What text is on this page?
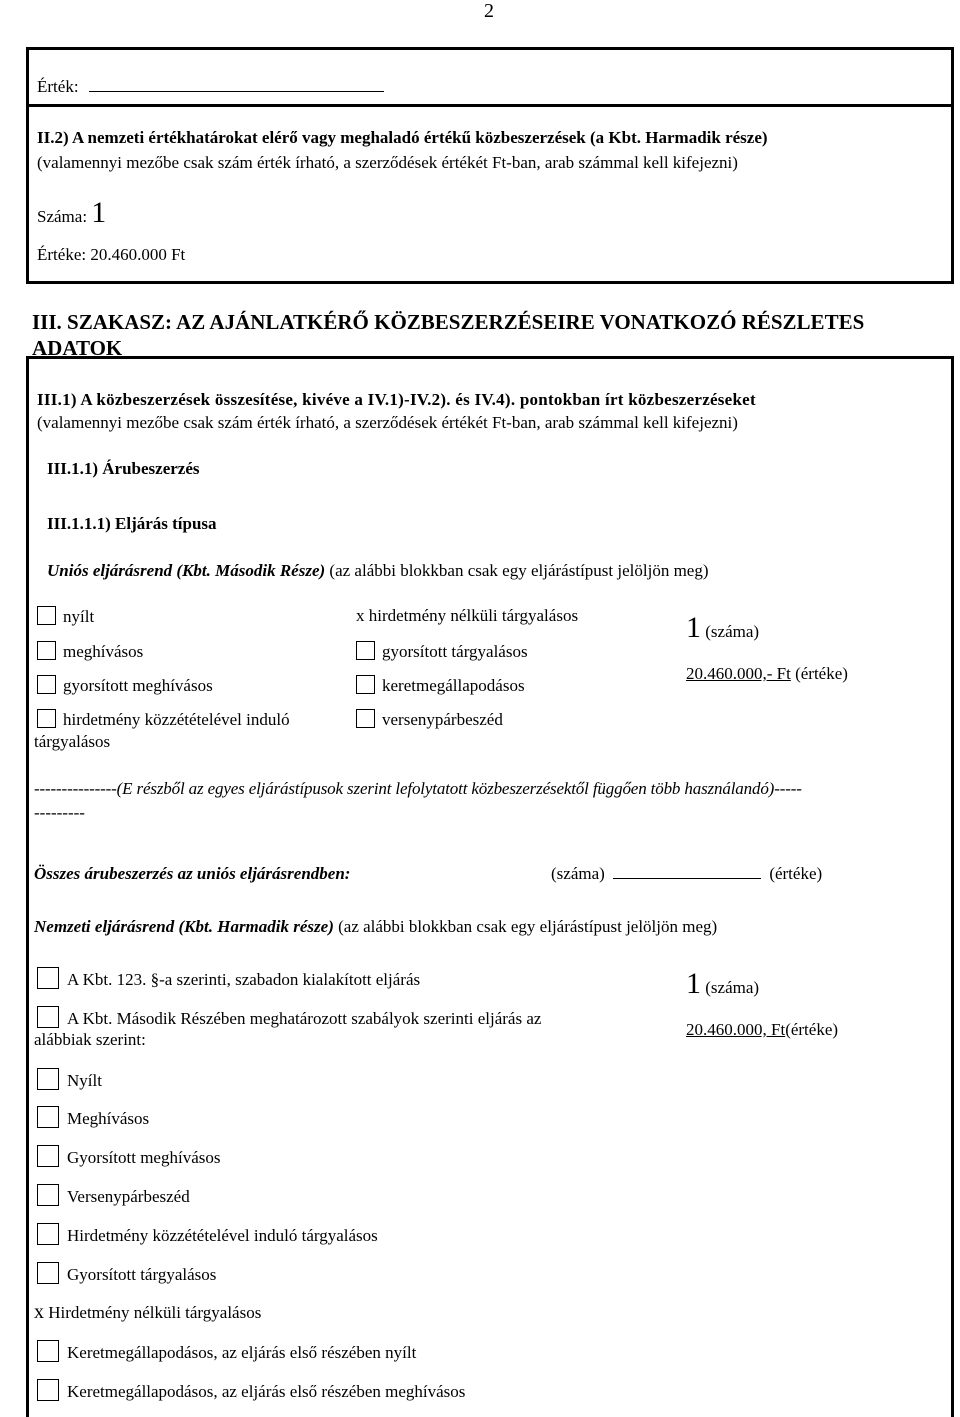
2
Érték:
II.2) A nemzeti értékhatárokat elérő vagy meghaladó értékű közbeszerzések (a Kbt. Harmadik része)
(valamennyi mezőbe csak szám érték írható, a szerződések értékét Ft-ban, arab számmal kell kifejezni)
Száma: 1
Értéke: 20.460.000 Ft
III. SZAKASZ: AZ AJÁNLATKÉRŐ KÖZBESZERZÉSEIRE VONATKOZÓ RÉSZLETES
ADATOK
III.1) A közbeszerzések összesítése, kivéve a IV.1)-IV.2). és IV.4). pontokban írt közbeszerzéseket
(valamennyi mezőbe csak szám érték írható, a szerződések értékét Ft-ban, arab számmal kell kifejezni)
III.1.1) Árubeszerzés
III.1.1.1) Eljárás típusa
Uniós eljárásrend (Kbt. Második Része) (az alábbi blokkban csak egy eljárástípust jelöljön meg)
nyílt
meghívásos
gyorsított meghívásos
hirdetmény közzétételével induló
tárgyalásos
x hirdetmény nélküli tárgyalásos
gyorsított tárgyalásos
keretmegállapodásos
versenypárbeszéd
1 (száma)
20.460.000,- Ft (értéke)
---------------(E részből az egyes eljárástípusok szerint lefolytatott közbeszerzésektől függően több használandó)-----
---------
Összes árubeszerzés az uniós eljárásrendben:	(száma)	(értéke)
Nemzeti eljárásrend (Kbt. Harmadik része) (az alábbi blokkban csak egy eljárástípust jelöljön meg)
A Kbt. 123. §-a szerinti, szabadon kialakított eljárás
A Kbt. Második Részében meghatározott szabályok szerinti eljárás az
alábbiak szerint:
Nyílt
Meghívásos
Gyorsított meghívásos
Versenypárbeszéd
Hirdetmény közzétételével induló tárgyalásos
Gyorsított tárgyalásos
x Hirdetmény nélküli tárgyalásos
Keretmegállapodásos, az eljárás első részében nyílt
Keretmegállapodásos, az eljárás első részében meghívásos
1 (száma)
20.460.000, Ft(értéke)
